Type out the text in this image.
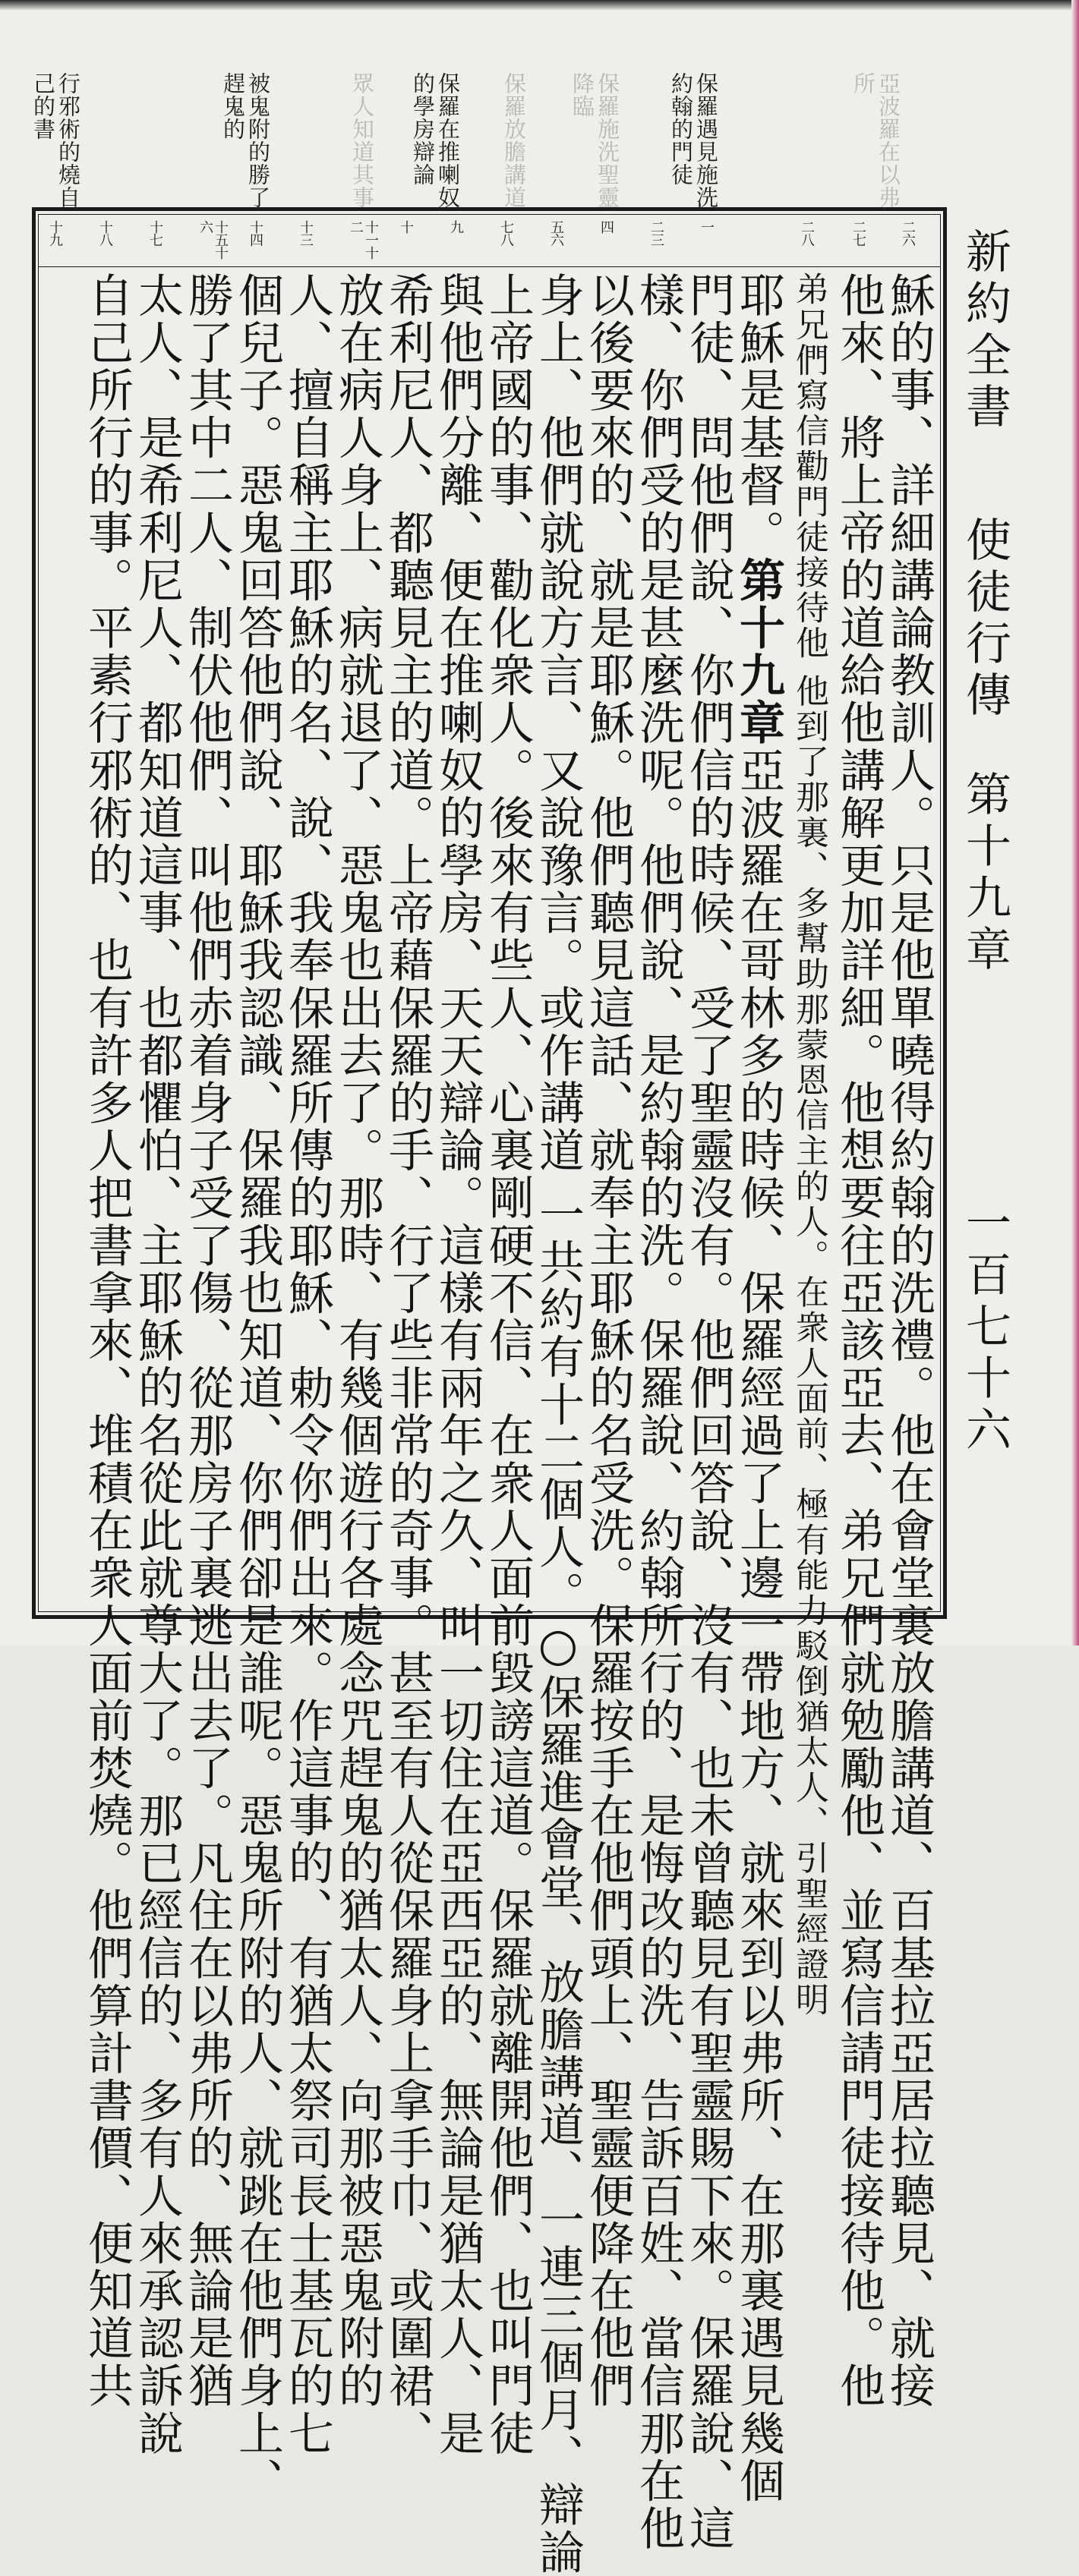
行邪術的燒自己的書	被鬼附的勝了趕鬼的	眾人知道其事	保羅在推喇奴的學房辯論	保羅放膽講道	保羅施洗聖靈降臨	保羅遇見施洗約翰的門徒	亞波羅在以弗所
二六
二七
二八
一
二三
四
五六
七八
九
十
十一十二
十三
十四
十五十六
十七
十八
十九
穌的事、詳細講論教訓人。只是他單曉得約翰的洗禮。他在會堂裏放膽講道、百基拉亞居拉聽見、就接
他來、將上帝的道給他講解更加詳細。他想要往亞該亞去、弟兄們就勉勵他、並寫信請門徒接待他。他
弟兄們寫信勸門徒接待他 他到了那裏、多幫助那蒙恩信主的人。在衆人面前、極有能力駁倒猶太人、引聖經證明
耶穌是基督。第十九章亞波羅在哥林多的時候、保羅經過了上邊一帶地方、就來到以弗所、在那裏遇見幾個
門徒、問他們說、你們信的時候、受了聖靈沒有。他們回答說、沒有、也未曾聽見有聖靈賜下來。保羅說、這
樣、你們受的是甚麼洗呢。他們說、是約翰的洗。保羅說、約翰所行的、是悔改的洗、告訴百姓、當信那在他
以後要來的、就是耶穌。他們聽見這話、就奉主耶穌的名受洗。保羅按手在他們頭上、聖靈便降在他們
身上、他們就說方言、又說豫言。或作講道 一共約有十二個人。○保羅進會堂、放膽講道、一連三個月、辯論
上帝國的事、勸化衆人。後來有些人、心裏剛硬不信、在衆人面前毀謗這道。保羅就離開他們、也叫門徒
與他們分離、便在推喇奴的學房、天天辯論。這樣有兩年之久、叫一切住在亞西亞的、無論是猶太人、是
希利尼人、都聽見主的道。上帝藉保羅的手、行了些非常的奇事。甚至有人從保羅身上拿手巾、或圍裙、
放在病人身上、病就退了、惡鬼也出去了。那時、有幾個遊行各處念咒趕鬼的猶太人、向那被惡鬼附的
人、擅自稱主耶穌的名、說、我奉保羅所傳的耶穌、勅令你們出來。作這事的、有猶太祭司長士基瓦的七
個兒子。惡鬼回答他們說、耶穌我認識、保羅我也知道、你們卻是誰呢。惡鬼所附的人、就跳在他們身上、
勝了其中二人、制伏他們、叫他們赤着身子受了傷、從那房子裏逃出去了。凡住在以弗所的、無論是猶
太人、是希利尼人、都知道這事、也都懼怕、主耶穌的名從此就尊大了。那已經信的、多有人來承認訴說
自己所行的事。平素行邪術的、也有許多人把書拿來、堆積在衆人面前焚燒。他們算計書價、便知道共	新約全書
使徒行傳
第十九章
一百七十六
